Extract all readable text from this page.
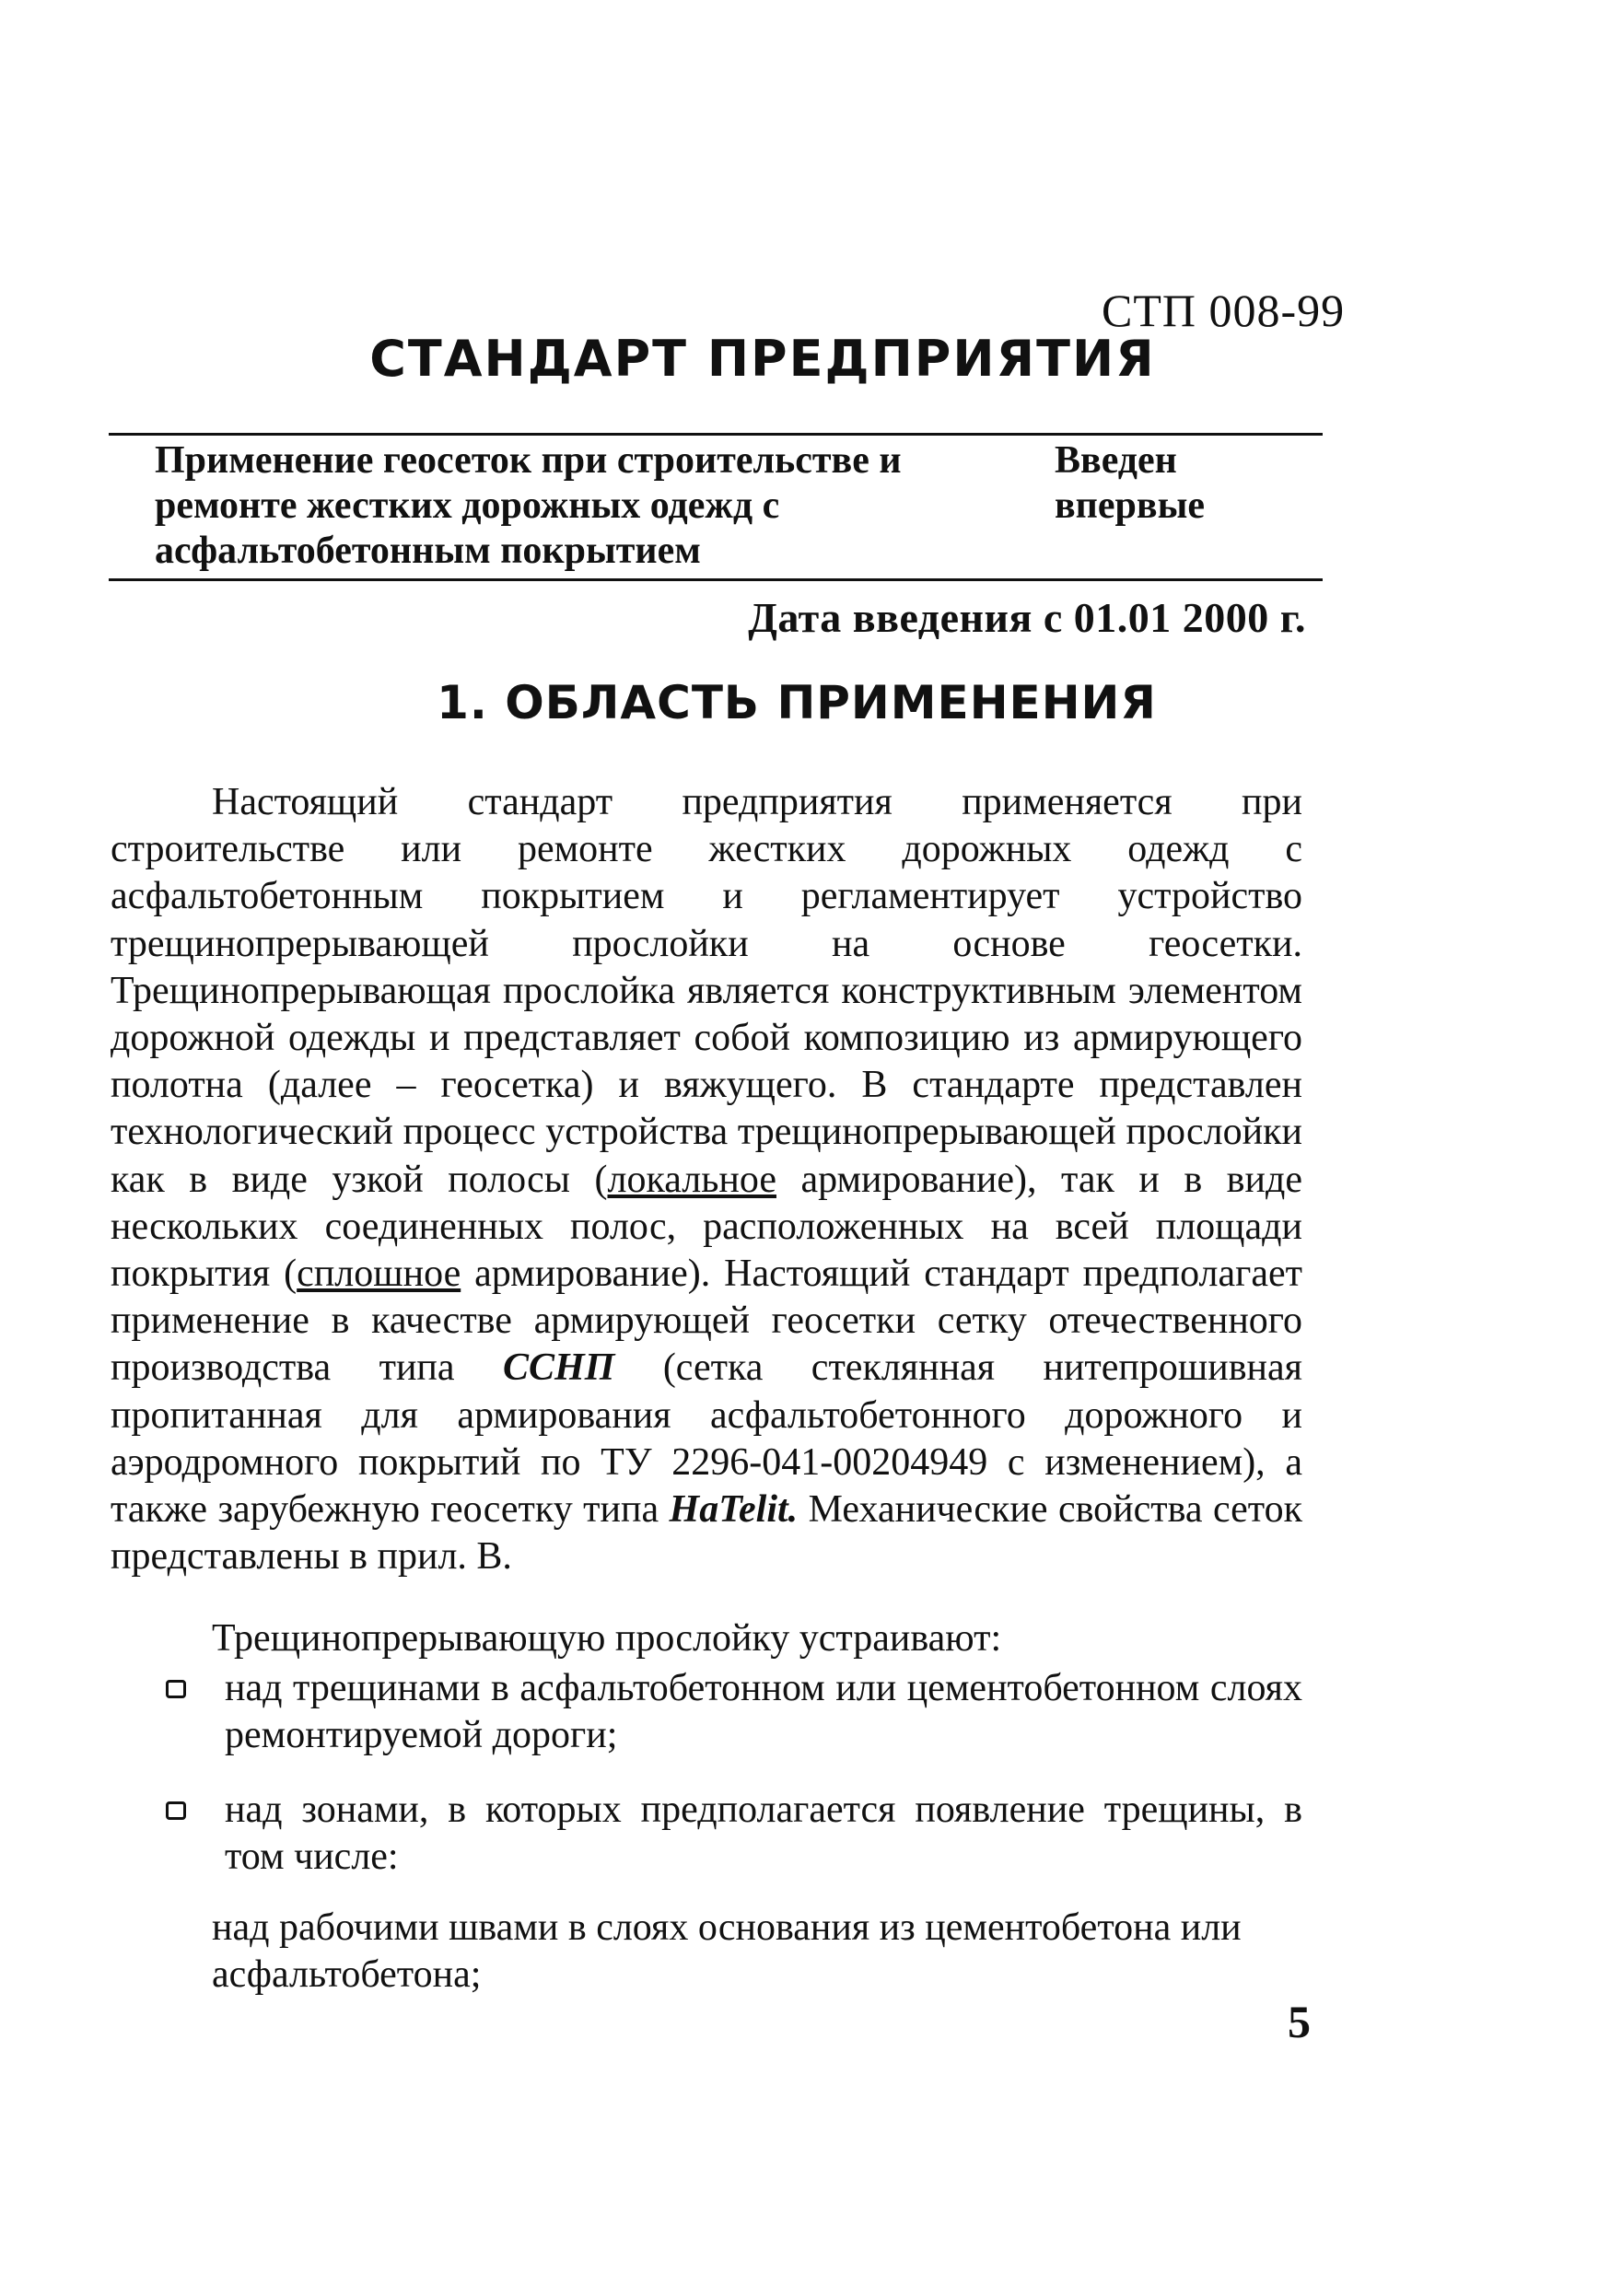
СТП 008-99
СТАНДАРТ ПРЕДПРИЯТИЯ
Применение геосеток при строительстве и ремонте жестких дорожных одежд с асфальтобетонным покрытием
Введен впервые
Дата введения с 01.01 2000 г.
1. ОБЛАСТЬ ПРИМЕНЕНИЯ

Настоящий стандарт предприятия применяется при строительстве или ремонте жестких дорожных одежд с асфальтобетонным покрытием и регламентирует устройство трещинопрерывающей прослойки на основе геосетки. Трещинопрерывающая прослойка является конструктивным элементом дорожной одежды и представляет собой композицию из армирующего полотна (далее – геосетка) и вяжущего. В стандарте представлен технологический процесс устройства трещинопрерывающей прослойки как в виде узкой полосы (локальное армирование), так и в виде нескольких соединенных полос, расположенных на всей площади покрытия (сплошное армирование). Настоящий стандарт предполагает применение в качестве армирующей геосетки сетку отечественного производства типа ССНП (сетка стеклянная нитепрошивная пропитанная для армирования асфальтобетонного дорожного и аэродромного покрытий по ТУ 2296-041-00204949 с изменением), а также зарубежную геосетку типа HaTelit. Механические свойства сеток представлены в прил. В.

Трещинопрерывающую прослойку устраивают:
над трещинами в асфальтобетонном или цементобетонном слоях ремонтируемой дороги;
над зонами, в которых предполагается появление трещины, в том числе:

над рабочими швами в слоях основания из цементобетона или асфальтобетона;

5
